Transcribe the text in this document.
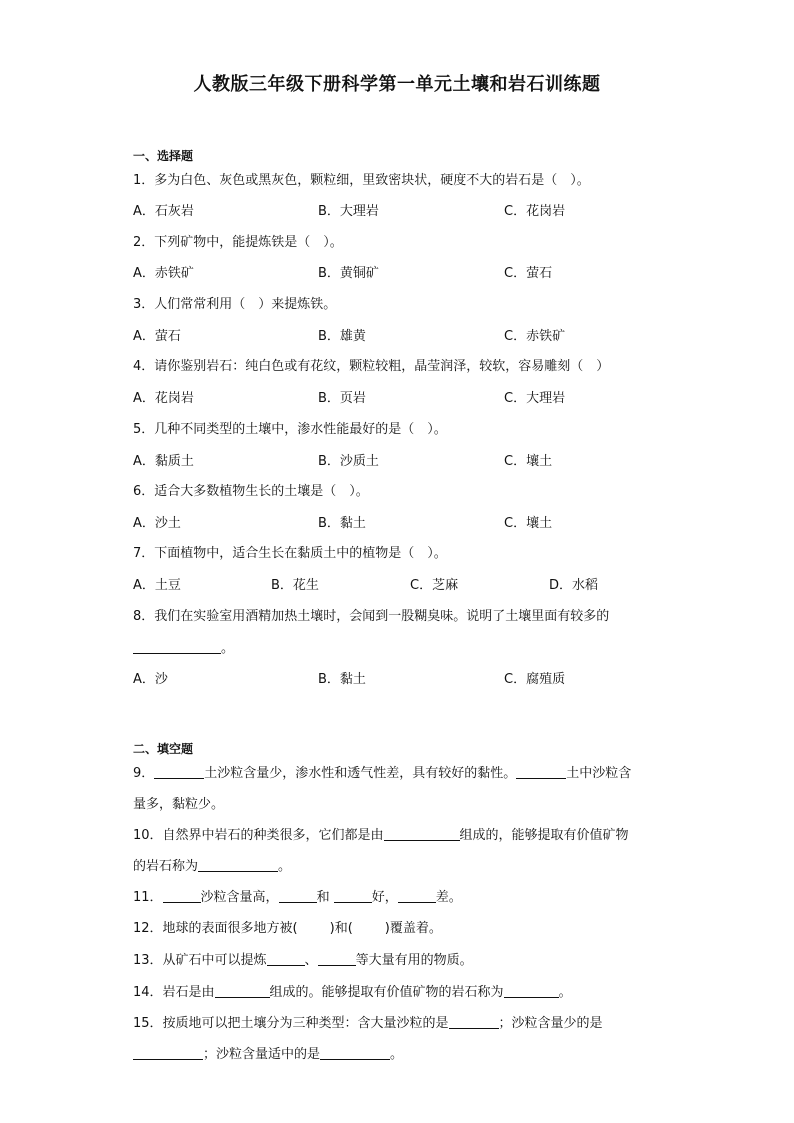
人教版三年级下册科学第一单元土壤和岩石训练题
一、选择题
1．多为白色、灰色或黑灰色，颗粒细，里致密块状，硬度不大的岩石是（　）。
A．石灰岩	B．大理岩	C．花岗岩
2．下列矿物中，能提炼铁是（　）。
A．赤铁矿	B．黄铜矿	C．萤石
3．人们常常利用（　）来提炼铁。
A．萤石	B．雄黄	C．赤铁矿
4．请你鉴别岩石：纯白色或有花纹，颗粒较粗，晶莹润泽，较软，容易雕刻（　）
A．花岗岩	B．页岩	C．大理岩
5．几种不同类型的土壤中，渗水性能最好的是（　）。
A．黏质土	B．沙质土	C．壤土
6．适合大多数植物生长的土壤是（　）。
A．沙土	B．黏土	C．壤土
7．下面植物中，适合生长在黏质土中的植物是（　）。
A．土豆	B．花生	C．芝麻	D．水稻
8．我们在实验室用酒精加热土壤时，会闻到一股糊臭味。说明了土壤里面有较多的
。
A．沙	B．黏土	C．腐殖质
二、填空题
9．	土沙粒含量少，渗水性和透气性差，具有较好的黏性。	土中沙粒含
量多，黏粒少。
10．自然界中岩石的种类很多，它们都是由	组成的，能够提取有价值矿物
的岩石称为	。
11．	沙粒含量高，	和	好，	差。
12．地球的表面很多地方被( )和( )覆盖着。
13．从矿石中可以提炼	、	等大量有用的物质。
14．岩石是由	组成的。能够提取有价值矿物的岩石称为	。
15．按质地可以把土壤分为三种类型：含大量沙粒的是	；沙粒含量少的是
；沙粒含量适中的是	。
